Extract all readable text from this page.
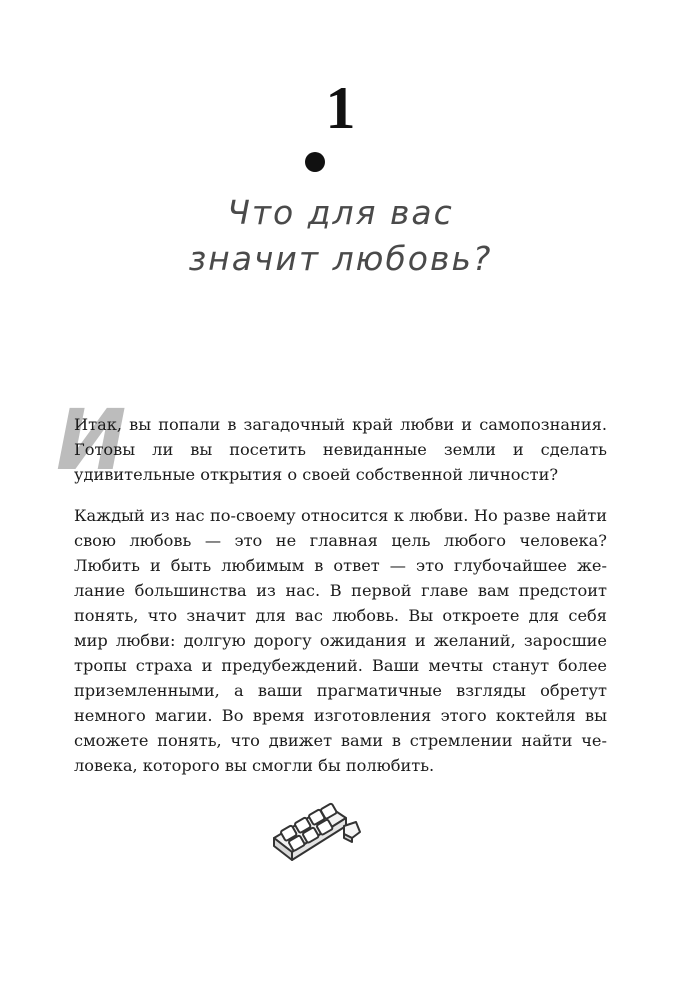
1
Что для вас
значит любовь?
И

Итак, вы попали в загадочный край любви и самопознания. Готовы ли вы посетить невиданные земли и сделать удивительные открытия о своей собственной личности?

Каждый из нас по-своему относится к любви. Но разве найти свою любовь — это не главная цель любого человека? Любить и быть любимым в ответ — это глубочайшее желание большинства из нас. В первой главе вам предстоит понять, что значит для вас любовь. Вы откроете для себя мир любви: долгую дорогу ожидания и желаний, заросшие тропы страха и предубеждений. Ваши мечты станут более приземленными, а ваши прагматичные взгляды обретут немного магии. Во время изготовления этого коктейля вы сможете понять, что движет вами в стремлении найти человека, которого вы смогли бы полюбить.
